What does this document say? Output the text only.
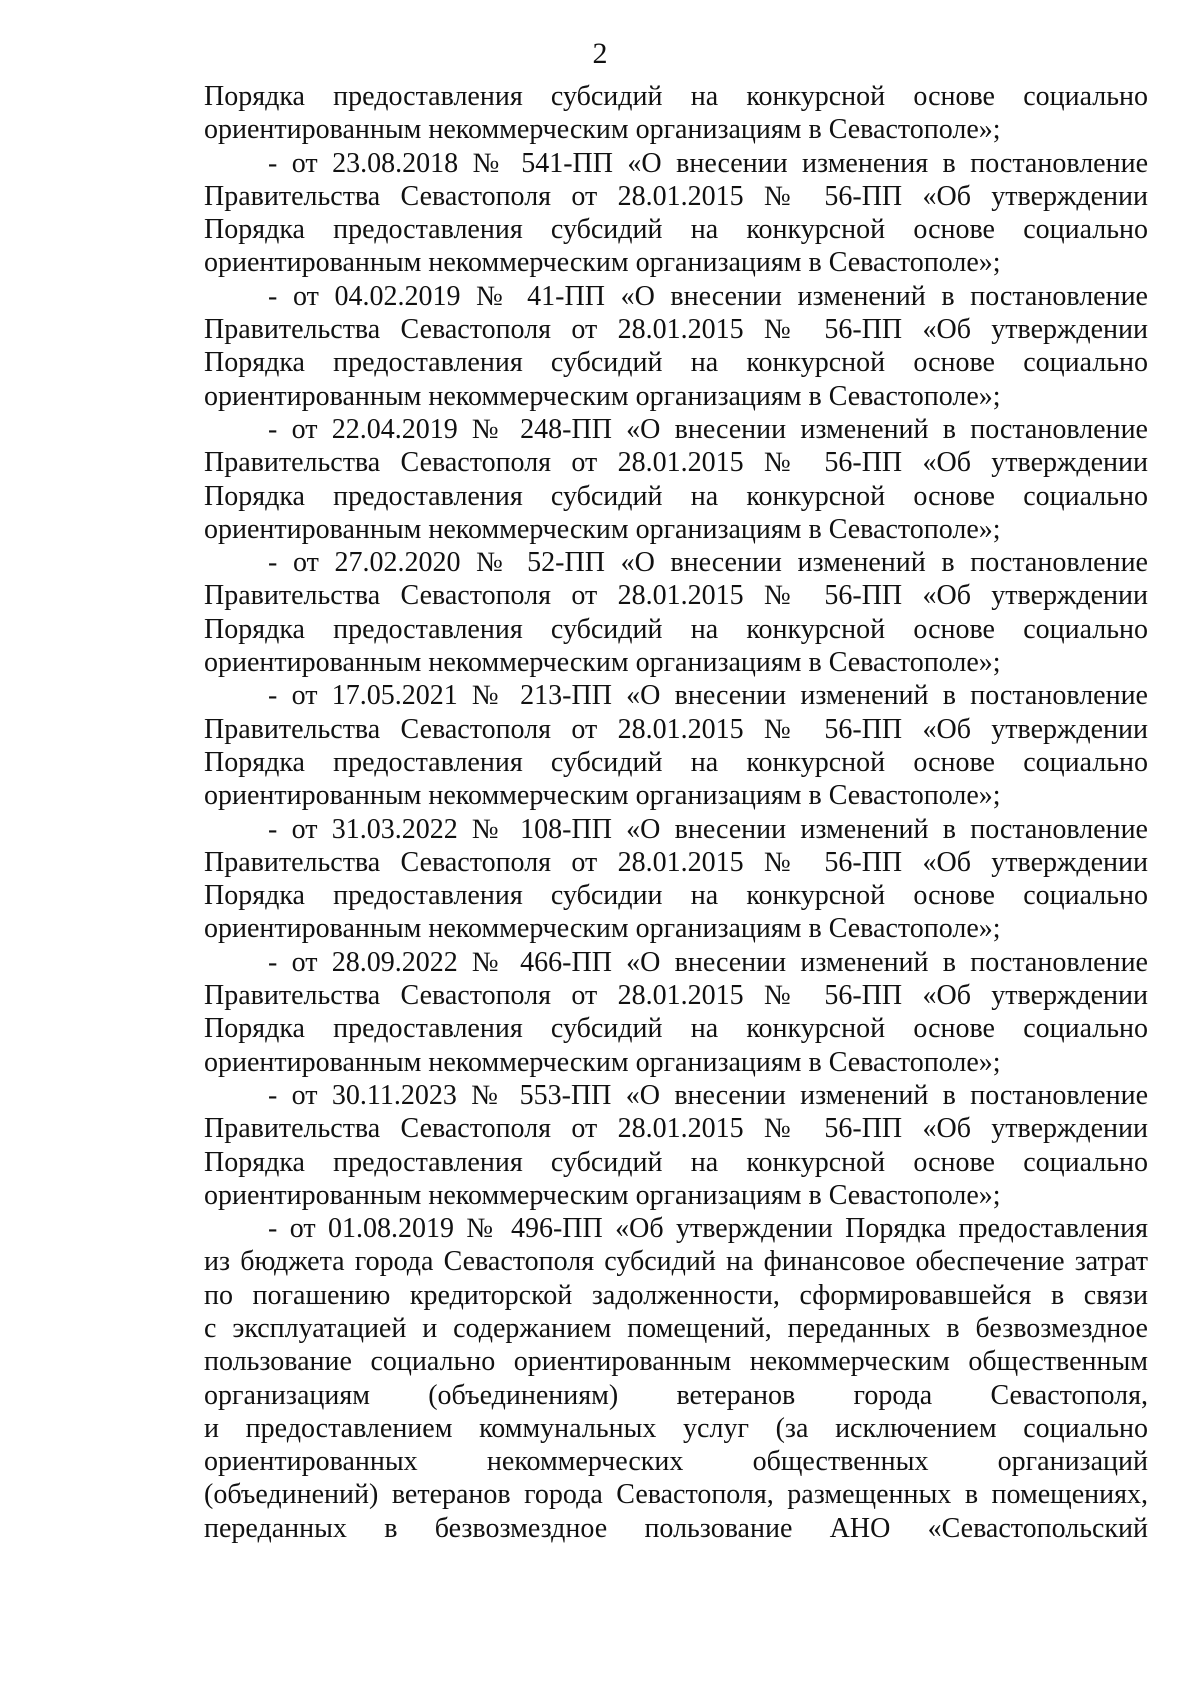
2
Порядка предоставления субсидий на конкурсной основе социально
ориентированным некоммерческим организациям в Севастополе»;
- от 23.08.2018 № 541-ПП «О внесении изменения в постановление
Правительства Севастополя от 28.01.2015 № 56-ПП «Об утверждении
Порядка предоставления субсидий на конкурсной основе социально
ориентированным некоммерческим организациям в Севастополе»;
- от 04.02.2019 № 41-ПП «О внесении изменений в постановление
Правительства Севастополя от 28.01.2015 № 56-ПП «Об утверждении
Порядка предоставления субсидий на конкурсной основе социально
ориентированным некоммерческим организациям в Севастополе»;
- от 22.04.2019 № 248-ПП «О внесении изменений в постановление
Правительства Севастополя от 28.01.2015 № 56-ПП «Об утверждении
Порядка предоставления субсидий на конкурсной основе социально
ориентированным некоммерческим организациям в Севастополе»;
- от 27.02.2020 № 52-ПП «О внесении изменений в постановление
Правительства Севастополя от 28.01.2015 № 56-ПП «Об утверждении
Порядка предоставления субсидий на конкурсной основе социально
ориентированным некоммерческим организациям в Севастополе»;
- от 17.05.2021 № 213-ПП «О внесении изменений в постановление
Правительства Севастополя от 28.01.2015 № 56-ПП «Об утверждении
Порядка предоставления субсидий на конкурсной основе социально
ориентированным некоммерческим организациям в Севастополе»;
- от 31.03.2022 № 108-ПП «О внесении изменений в постановление
Правительства Севастополя от 28.01.2015 № 56-ПП «Об утверждении
Порядка предоставления субсидии на конкурсной основе социально
ориентированным некоммерческим организациям в Севастополе»;
- от 28.09.2022 № 466-ПП «О внесении изменений в постановление
Правительства Севастополя от 28.01.2015 № 56-ПП «Об утверждении
Порядка предоставления субсидий на конкурсной основе социально
ориентированным некоммерческим организациям в Севастополе»;
- от 30.11.2023 № 553-ПП «О внесении изменений в постановление
Правительства Севастополя от 28.01.2015 № 56-ПП «Об утверждении
Порядка предоставления субсидий на конкурсной основе социально
ориентированным некоммерческим организациям в Севастополе»;
- от 01.08.2019 № 496-ПП «Об утверждении Порядка предоставления
из бюджета города Севастополя субсидий на финансовое обеспечение затрат
по погашению кредиторской задолженности, сформировавшейся в связи
с эксплуатацией и содержанием помещений, переданных в безвозмездное
пользование социально ориентированным некоммерческим общественным
организациям (объединениям) ветеранов города Севастополя,
и предоставлением коммунальных услуг (за исключением социально
ориентированных некоммерческих общественных организаций
(объединений) ветеранов города Севастополя, размещенных в помещениях,
переданных в безвозмездное пользование АНО «Севастопольский
